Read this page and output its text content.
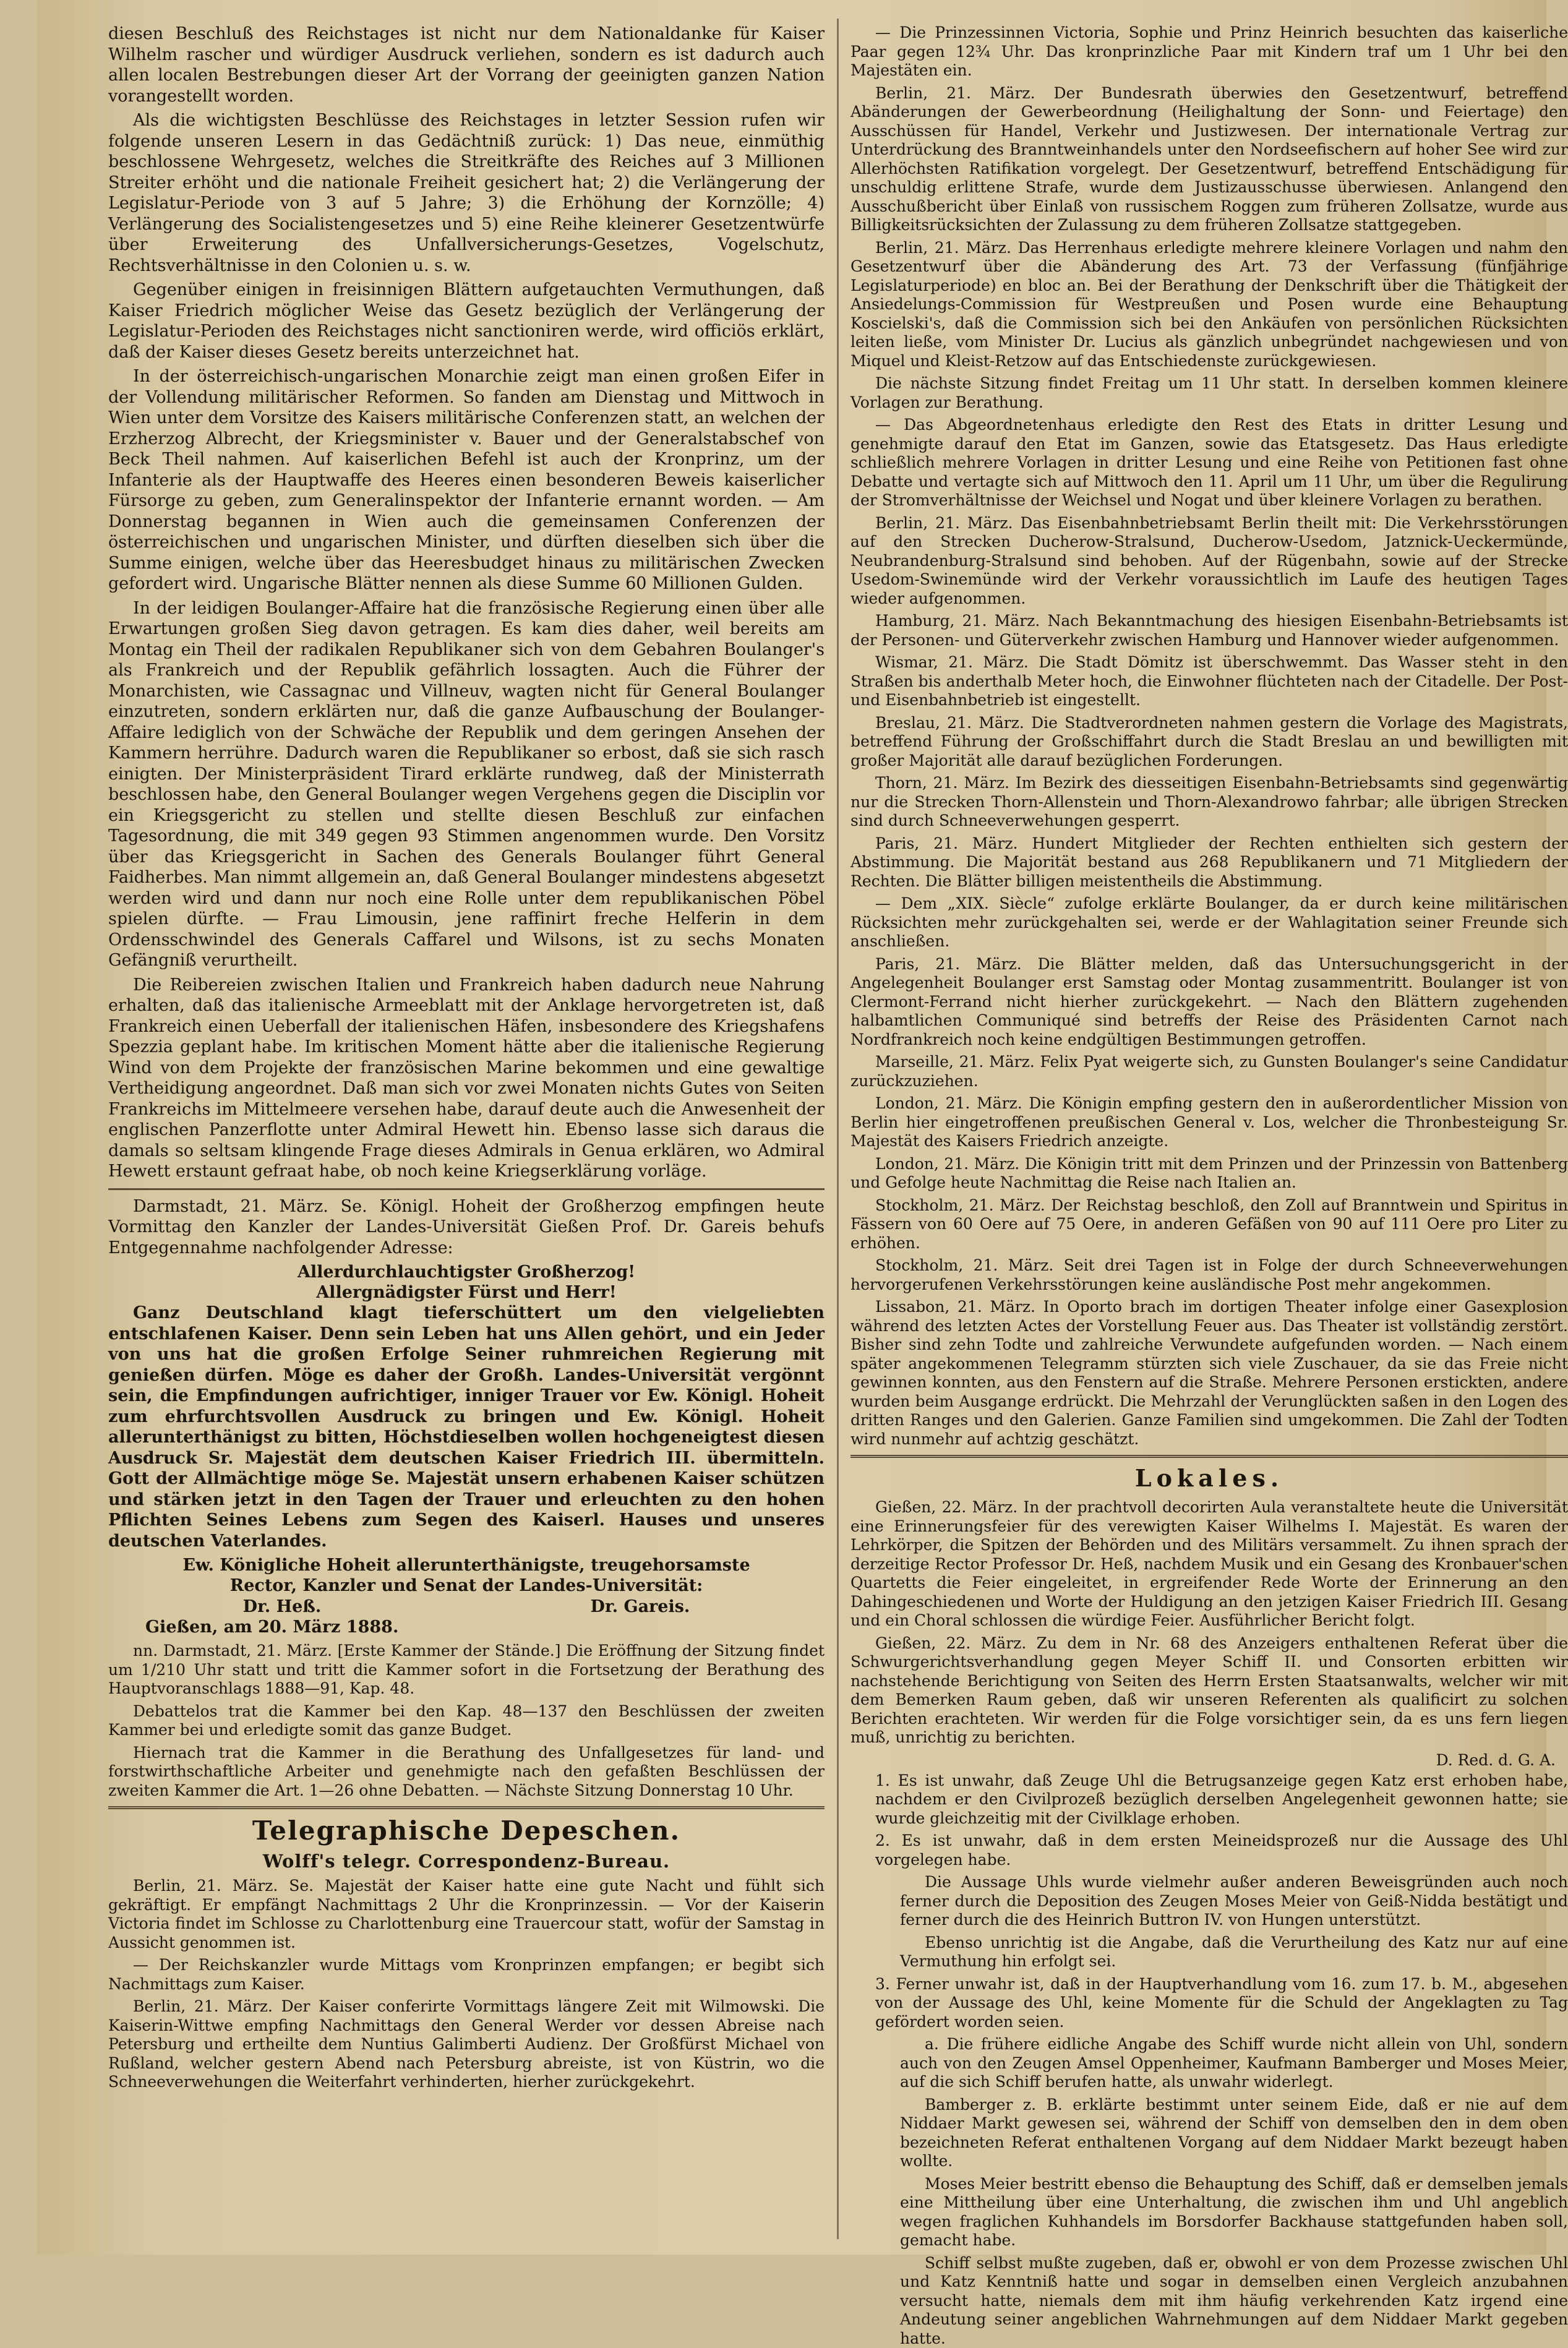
diesen Beschluß des Reichstages ist nicht nur dem Nationaldanke für Kaiser Wilhelm rascher und würdiger Ausdruck verliehen, sondern es ist dadurch auch allen localen Bestrebungen dieser Art der Vorrang der geeinigten ganzen Nation vorangestellt worden.

Als die wichtigsten Beschlüsse des Reichstages in letzter Session rufen wir folgende unseren Lesern in das Gedächtniß zurück: 1) Das neue, einmüthig beschlossene Wehrgesetz, welches die Streitkräfte des Reiches auf 3 Millionen Streiter erhöht und die nationale Freiheit gesichert hat; 2) die Verlängerung der Legislatur-Periode von 3 auf 5 Jahre; 3) die Erhöhung der Kornzölle; 4) Verlängerung des Socialistengesetzes und 5) eine Reihe kleinerer Gesetzentwürfe über Erweiterung des Unfallversicherungs-Gesetzes, Vogelschutz, Rechtsverhältnisse in den Colonien u. s. w.

Gegenüber einigen in freisinnigen Blättern aufgetauchten Vermuthungen, daß Kaiser Friedrich möglicher Weise das Gesetz bezüglich der Verlängerung der Legislatur-Perioden des Reichstages nicht sanctioniren werde, wird officiös erklärt, daß der Kaiser dieses Gesetz bereits unterzeichnet hat.

In der österreichisch-ungarischen Monarchie zeigt man einen großen Eifer in der Vollendung militärischer Reformen. So fanden am Dienstag und Mittwoch in Wien unter dem Vorsitze des Kaisers militärische Conferenzen statt, an welchen der Erzherzog Albrecht, der Kriegsminister v. Bauer und der Generalstabschef von Beck Theil nahmen. Auf kaiserlichen Befehl ist auch der Kronprinz, um der Infanterie als der Hauptwaffe des Heeres einen besonderen Beweis kaiserlicher Fürsorge zu geben, zum Generalinspektor der Infanterie ernannt worden. — Am Donnerstag begannen in Wien auch die gemeinsamen Conferenzen der österreichischen und ungarischen Minister, und dürften dieselben sich über die Summe einigen, welche über das Heeresbudget hinaus zu militärischen Zwecken gefordert wird. Ungarische Blätter nennen als diese Summe 60 Millionen Gulden.

In der leidigen Boulanger-Affaire hat die französische Regierung einen über alle Erwartungen großen Sieg davon getragen. Es kam dies daher, weil bereits am Montag ein Theil der radikalen Republikaner sich von dem Gebahren Boulanger's als Frankreich und der Republik gefährlich lossagten. Auch die Führer der Monarchisten, wie Cassagnac und Villneuv, wagten nicht für General Boulanger einzutreten, sondern erklärten nur, daß die ganze Aufbauschung der Boulanger-Affaire lediglich von der Schwäche der Republik und dem geringen Ansehen der Kammern herrühre. Dadurch waren die Republikaner so erbost, daß sie sich rasch einigten. Der Ministerpräsident Tirard erklärte rundweg, daß der Ministerrath beschlossen habe, den General Boulanger wegen Vergehens gegen die Disciplin vor ein Kriegsgericht zu stellen und stellte diesen Beschluß zur einfachen Tagesordnung, die mit 349 gegen 93 Stimmen angenommen wurde. Den Vorsitz über das Kriegsgericht in Sachen des Generals Boulanger führt General Faidherbes. Man nimmt allgemein an, daß General Boulanger mindestens abgesetzt werden wird und dann nur noch eine Rolle unter dem republikanischen Pöbel spielen dürfte. — Frau Limousin, jene raffinirt freche Helferin in dem Ordensschwindel des Generals Caffarel und Wilsons, ist zu sechs Monaten Gefängniß verurtheilt.

Die Reibereien zwischen Italien und Frankreich haben dadurch neue Nahrung erhalten, daß das italienische Armeeblatt mit der Anklage hervorgetreten ist, daß Frankreich einen Ueberfall der italienischen Häfen, insbesondere des Kriegshafens Spezzia geplant habe. Im kritischen Moment hätte aber die italienische Regierung Wind von dem Projekte der französischen Marine bekommen und eine gewaltige Vertheidigung angeordnet. Daß man sich vor zwei Monaten nichts Gutes von Seiten Frankreichs im Mittelmeere versehen habe, darauf deute auch die Anwesenheit der englischen Panzerflotte unter Admiral Hewett hin. Ebenso lasse sich daraus die damals so seltsam klingende Frage dieses Admirals in Genua erklären, wo Admiral Hewett erstaunt gefraat habe, ob noch keine Kriegserklärung vorläge.

Darmstadt, 21. März. Se. Königl. Hoheit der Großherzog empfingen heute Vormittag den Kanzler der Landes-Universität Gießen Prof. Dr. Gareis behufs Entgegennahme nachfolgender Adresse:

Allerdurchlauchtigster Großherzog!

Allergnädigster Fürst und Herr!

Ganz Deutschland klagt tieferschüttert um den vielgeliebten entschlafenen Kaiser. Denn sein Leben hat uns Allen gehört, und ein Jeder von uns hat die großen Erfolge Seiner ruhmreichen Regierung mit genießen dürfen. Möge es daher der Großh. Landes-Universität vergönnt sein, die Empfindungen aufrichtiger, inniger Trauer vor Ew. Königl. Hoheit zum ehrfurchtsvollen Ausdruck zu bringen und Ew. Königl. Hoheit allerunterthänigst zu bitten, Höchstdieselben wollen hochgeneigtest diesen Ausdruck Sr. Majestät dem deutschen Kaiser Friedrich III. übermitteln. Gott der Allmächtige möge Se. Majestät unsern erhabenen Kaiser schützen und stärken jetzt in den Tagen der Trauer und erleuchten zu den hohen Pflichten Seines Lebens zum Segen des Kaiserl. Hauses und unseres deutschen Vaterlandes.

Ew. Königliche Hoheit allerunterthänigste, treugehorsamste

Rector, Kanzler und Senat der Landes-Universität:

Dr. Heß.	Dr. Gareis.

Gießen, am 20. März 1888.

nn. Darmstadt, 21. März. [Erste Kammer der Stände.] Die Eröffnung der Sitzung findet um 1/210 Uhr statt und tritt die Kammer sofort in die Fortsetzung der Berathung des Hauptvoranschlags 1888—91, Kap. 48.

Debattelos trat die Kammer bei den Kap. 48—137 den Beschlüssen der zweiten Kammer bei und erledigte somit das ganze Budget.

Hiernach trat die Kammer in die Berathung des Unfallgesetzes für land- und forstwirthschaftliche Arbeiter und genehmigte nach den gefaßten Beschlüssen der zweiten Kammer die Art. 1—26 ohne Debatten. — Nächste Sitzung Donnerstag 10 Uhr.

Telegraphische Depeschen.
Wolff's telegr. Correspondenz-Bureau.

Berlin, 21. März. Se. Majestät der Kaiser hatte eine gute Nacht und fühlt sich gekräftigt. Er empfängt Nachmittags 2 Uhr die Kronprinzessin. — Vor der Kaiserin Victoria findet im Schlosse zu Charlottenburg eine Trauercour statt, wofür der Samstag in Aussicht genommen ist.

— Der Reichskanzler wurde Mittags vom Kronprinzen empfangen; er begibt sich Nachmittags zum Kaiser.

Berlin, 21. März. Der Kaiser conferirte Vormittags längere Zeit mit Wilmowski. Die Kaiserin-Wittwe empfing Nachmittags den General Werder vor dessen Abreise nach Petersburg und ertheilte dem Nuntius Galimberti Audienz. Der Großfürst Michael von Rußland, welcher gestern Abend nach Petersburg abreiste, ist von Küstrin, wo die Schneeverwehungen die Weiterfahrt verhinderten, hierher zurückgekehrt.

— Die Prinzessinnen Victoria, Sophie und Prinz Heinrich besuchten das kaiserliche Paar gegen 12¾ Uhr. Das kronprinzliche Paar mit Kindern traf um 1 Uhr bei den Majestäten ein.

Berlin, 21. März. Der Bundesrath überwies den Gesetzentwurf, betreffend Abänderungen der Gewerbeordnung (Heilighaltung der Sonn- und Feiertage) den Ausschüssen für Handel, Verkehr und Justizwesen. Der internationale Vertrag zur Unterdrückung des Branntweinhandels unter den Nordseefischern auf hoher See wird zur Allerhöchsten Ratifikation vorgelegt. Der Gesetzentwurf, betreffend Entschädigung für unschuldig erlittene Strafe, wurde dem Justizausschusse überwiesen. Anlangend den Ausschußbericht über Einlaß von russischem Roggen zum früheren Zollsatze, wurde aus Billigkeitsrücksichten der Zulassung zu dem früheren Zollsatze stattgegeben.

Berlin, 21. März. Das Herrenhaus erledigte mehrere kleinere Vorlagen und nahm den Gesetzentwurf über die Abänderung des Art. 73 der Verfassung (fünfjährige Legislaturperiode) en bloc an. Bei der Berathung der Denkschrift über die Thätigkeit der Ansiedelungs-Commission für Westpreußen und Posen wurde eine Behauptung Koscielski's, daß die Commission sich bei den Ankäufen von persönlichen Rücksichten leiten ließe, vom Minister Dr. Lucius als gänzlich unbegründet nachgewiesen und von Miquel und Kleist-Retzow auf das Entschiedenste zurückgewiesen.

Die nächste Sitzung findet Freitag um 11 Uhr statt. In derselben kommen kleinere Vorlagen zur Berathung.

— Das Abgeordnetenhaus erledigte den Rest des Etats in dritter Lesung und genehmigte darauf den Etat im Ganzen, sowie das Etatsgesetz. Das Haus erledigte schließlich mehrere Vorlagen in dritter Lesung und eine Reihe von Petitionen fast ohne Debatte und vertagte sich auf Mittwoch den 11. April um 11 Uhr, um über die Regulirung der Stromverhältnisse der Weichsel und Nogat und über kleinere Vorlagen zu berathen.

Berlin, 21. März. Das Eisenbahnbetriebsamt Berlin theilt mit: Die Verkehrsstörungen auf den Strecken Ducherow-Stralsund, Ducherow-Usedom, Jatznick-Ueckermünde, Neubrandenburg-Stralsund sind behoben. Auf der Rügenbahn, sowie auf der Strecke Usedom-Swinemünde wird der Verkehr voraussichtlich im Laufe des heutigen Tages wieder aufgenommen.

Hamburg, 21. März. Nach Bekanntmachung des hiesigen Eisenbahn-Betriebsamts ist der Personen- und Güterverkehr zwischen Hamburg und Hannover wieder aufgenommen.

Wismar, 21. März. Die Stadt Dömitz ist überschwemmt. Das Wasser steht in den Straßen bis anderthalb Meter hoch, die Einwohner flüchteten nach der Citadelle. Der Post- und Eisenbahnbetrieb ist eingestellt.

Breslau, 21. März. Die Stadtverordneten nahmen gestern die Vorlage des Magistrats, betreffend Führung der Großschiffahrt durch die Stadt Breslau an und bewilligten mit großer Majorität alle darauf bezüglichen Forderungen.

Thorn, 21. März. Im Bezirk des diesseitigen Eisenbahn-Betriebsamts sind gegenwärtig nur die Strecken Thorn-Allenstein und Thorn-Alexandrowo fahrbar; alle übrigen Strecken sind durch Schneeverwehungen gesperrt.

Paris, 21. März. Hundert Mitglieder der Rechten enthielten sich gestern der Abstimmung. Die Majorität bestand aus 268 Republikanern und 71 Mitgliedern der Rechten. Die Blätter billigen meistentheils die Abstimmung.

— Dem „XIX. Siècle“ zufolge erklärte Boulanger, da er durch keine militärischen Rücksichten mehr zurückgehalten sei, werde er der Wahlagitation seiner Freunde sich anschließen.

Paris, 21. März. Die Blätter melden, daß das Untersuchungsgericht in der Angelegenheit Boulanger erst Samstag oder Montag zusammentritt. Boulanger ist von Clermont-Ferrand nicht hierher zurückgekehrt. — Nach den Blättern zugehenden halbamtlichen Communiqué sind betreffs der Reise des Präsidenten Carnot nach Nordfrankreich noch keine endgültigen Bestimmungen getroffen.

Marseille, 21. März. Felix Pyat weigerte sich, zu Gunsten Boulanger's seine Candidatur zurückzuziehen.

London, 21. März. Die Königin empfing gestern den in außerordentlicher Mission von Berlin hier eingetroffenen preußischen General v. Los, welcher die Thronbesteigung Sr. Majestät des Kaisers Friedrich anzeigte.

London, 21. März. Die Königin tritt mit dem Prinzen und der Prinzessin von Battenberg und Gefolge heute Nachmittag die Reise nach Italien an.

Stockholm, 21. März. Der Reichstag beschloß, den Zoll auf Branntwein und Spiritus in Fässern von 60 Oere auf 75 Oere, in anderen Gefäßen von 90 auf 111 Oere pro Liter zu erhöhen.

Stockholm, 21. März. Seit drei Tagen ist in Folge der durch Schneeverwehungen hervorgerufenen Verkehrsstörungen keine ausländische Post mehr angekommen.

Lissabon, 21. März. In Oporto brach im dortigen Theater infolge einer Gasexplosion während des letzten Actes der Vorstellung Feuer aus. Das Theater ist vollständig zerstört. Bisher sind zehn Todte und zahlreiche Verwundete aufgefunden worden. — Nach einem später angekommenen Telegramm stürzten sich viele Zuschauer, da sie das Freie nicht gewinnen konnten, aus den Fenstern auf die Straße. Mehrere Personen erstickten, andere wurden beim Ausgange erdrückt. Die Mehrzahl der Verunglückten saßen in den Logen des dritten Ranges und den Galerien. Ganze Familien sind umgekommen. Die Zahl der Todten wird nunmehr auf achtzig geschätzt.

Lokales.

Gießen, 22. März. In der prachtvoll decorirten Aula veranstaltete heute die Universität eine Erinnerungsfeier für des verewigten Kaiser Wilhelms I. Majestät. Es waren der Lehrkörper, die Spitzen der Behörden und des Militärs versammelt. Zu ihnen sprach der derzeitige Rector Professor Dr. Heß, nachdem Musik und ein Gesang des Kronbauer'schen Quartetts die Feier eingeleitet, in ergreifender Rede Worte der Erinnerung an den Dahingeschiedenen und Worte der Huldigung an den jetzigen Kaiser Friedrich III. Gesang und ein Choral schlossen die würdige Feier. Ausführlicher Bericht folgt.

Gießen, 22. März. Zu dem in Nr. 68 des Anzeigers enthaltenen Referat über die Schwurgerichtsverhandlung gegen Meyer Schiff II. und Consorten erbitten wir nachstehende Berichtigung von Seiten des Herrn Ersten Staatsanwalts, welcher wir mit dem Bemerken Raum geben, daß wir unseren Referenten als qualificirt zu solchen Berichten erachteten. Wir werden für die Folge vorsichtiger sein, da es uns fern liegen muß, unrichtig zu berichten.

D. Red. d. G. A.

1. Es ist unwahr, daß Zeuge Uhl die Betrugsanzeige gegen Katz erst erhoben habe, nachdem er den Civilprozeß bezüglich derselben Angelegenheit gewonnen hatte; sie wurde gleichzeitig mit der Civilklage erhoben.

2. Es ist unwahr, daß in dem ersten Meineidsprozeß nur die Aussage des Uhl vorgelegen habe.

Die Aussage Uhls wurde vielmehr außer anderen Beweisgründen auch noch ferner durch die Deposition des Zeugen Moses Meier von Geiß-Nidda bestätigt und ferner durch die des Heinrich Buttron IV. von Hungen unterstützt.

Ebenso unrichtig ist die Angabe, daß die Verurtheilung des Katz nur auf eine Vermuthung hin erfolgt sei.

3. Ferner unwahr ist, daß in der Hauptverhandlung vom 16. zum 17. b. M., abgesehen von der Aussage des Uhl, keine Momente für die Schuld der Angeklagten zu Tag gefördert worden seien.

a. Die frühere eidliche Angabe des Schiff wurde nicht allein von Uhl, sondern auch von den Zeugen Amsel Oppenheimer, Kaufmann Bamberger und Moses Meier, auf die sich Schiff berufen hatte, als unwahr widerlegt.

Bamberger z. B. erklärte bestimmt unter seinem Eide, daß er nie auf dem Niddaer Markt gewesen sei, während der Schiff von demselben den in dem oben bezeichneten Referat enthaltenen Vorgang auf dem Niddaer Markt bezeugt haben wollte.

Moses Meier bestritt ebenso die Behauptung des Schiff, daß er demselben jemals eine Mittheilung über eine Unterhaltung, die zwischen ihm und Uhl angeblich wegen fraglichen Kuhhandels im Borsdorfer Backhause stattgefunden haben soll, gemacht habe.

Schiff selbst mußte zugeben, daß er, obwohl er von dem Prozesse zwischen Uhl und Katz Kenntniß hatte und sogar in demselben einen Vergleich anzubahnen versucht hatte, niemals dem mit ihm häufig verkehrenden Katz irgend eine Andeutung seiner angeblichen Wahrnehmungen auf dem Niddaer Markt gegeben hatte.
